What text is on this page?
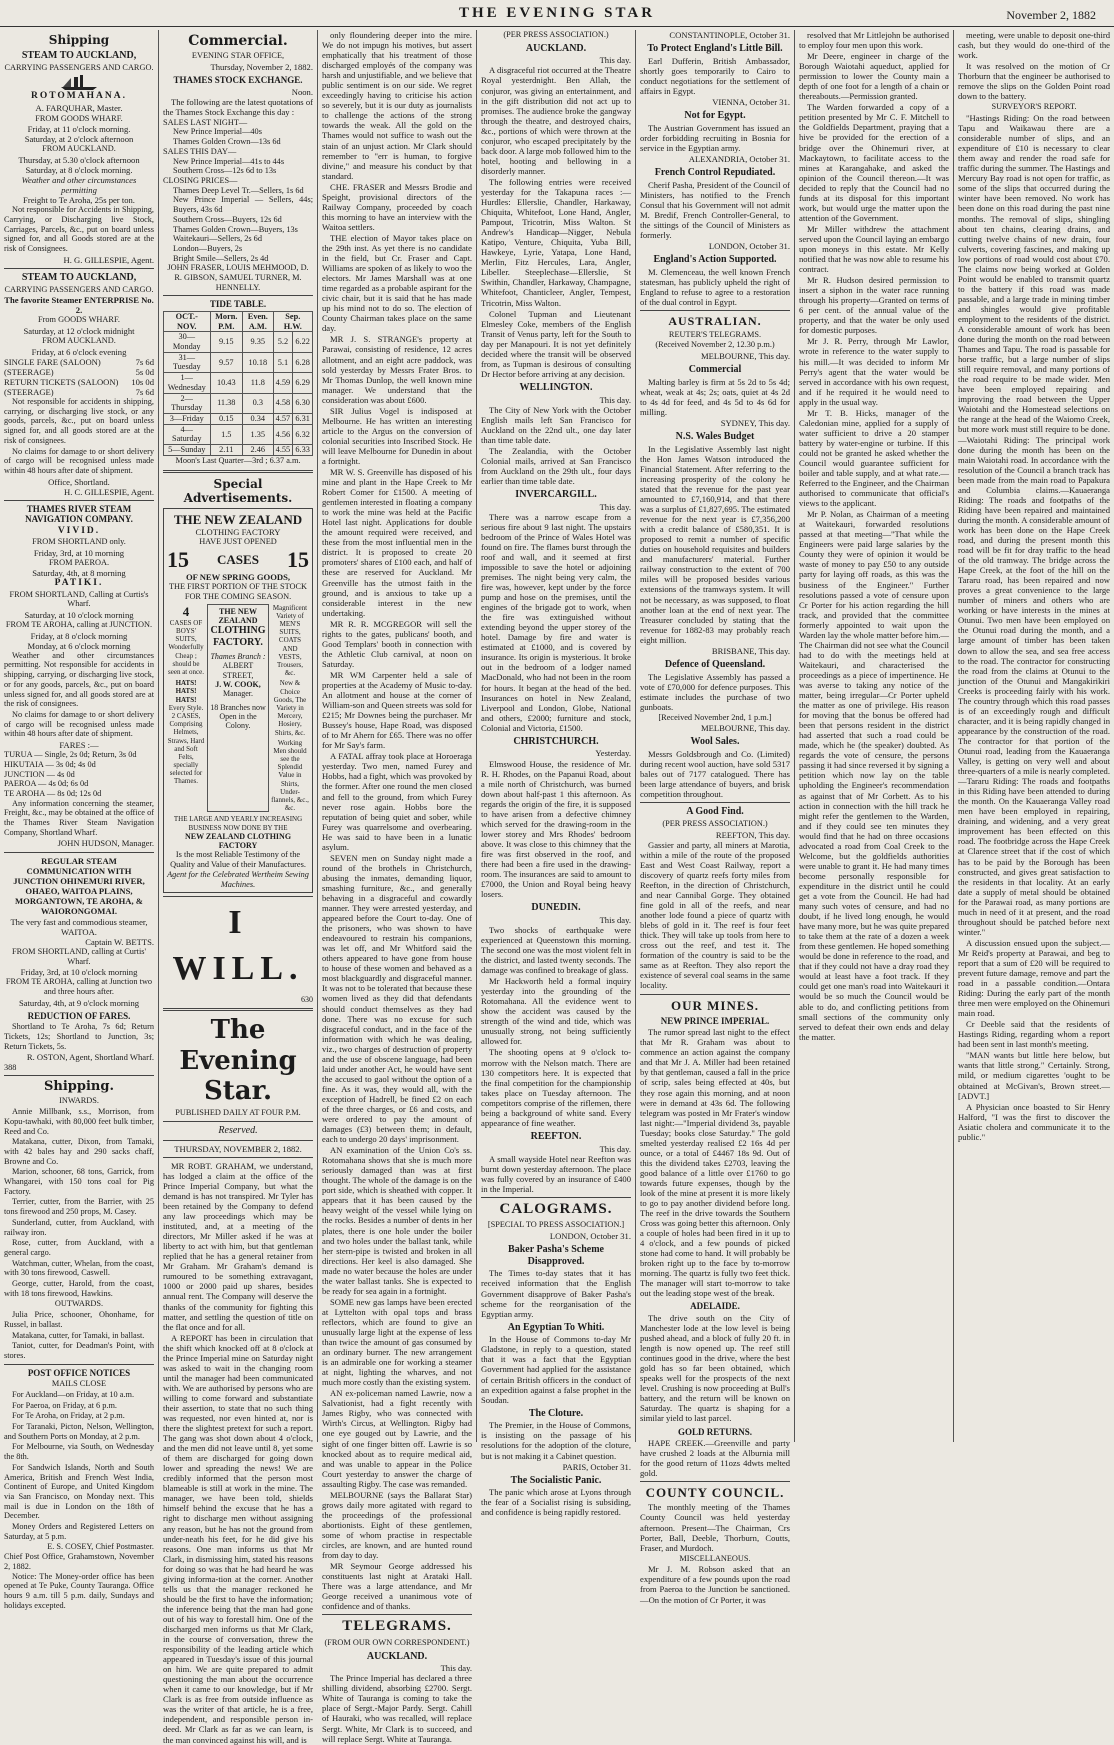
THE EVENING STAR	November 2, 1882
Shipping
STEAM TO AUCKLAND,
CARRYING PASSENGERS AND CARGO.
ROTOMAHANA.
A. FARQUHAR, Master.
FROM GOODS WHARF.
Friday, at 11 o'clock morning.
Saturday, at 2 o'clock afternoon
FROM AUCKLAND.
Thursday, at 5.30 o'clock afternoon
Saturday, at 8 o'clock morning.
Weather and other circumstances permitting
Freight to Te Aroha, 25s per ton.

Not responsible for Accidents in Shipping, Carrying, or Discharging live Stock, Carriages, Parcels, &c., put on board unless signed for, and all Goods stored are at the risk of Consignees.

H. G. GILLESPIE, Agent.
STEAM TO AUCKLAND,
CARRYING PASSENGERS AND CARGO.
The favorite Steamer ENTERPRISE No. 2.
From GOODS WHARF.
Saturday, at 12 o'clock midnight
FROM AUCKLAND.
Friday, at 6 o'clock evening
SINGLE FARE (SALOON)	7s 6d
(STEERAGE)	5s 0d
RETURN TICKETS (SALOON) 10s 0d
(STEERAGE)	7s 6d

Not responsible for accidents in shipping, carrying, or discharging live stock, or any goods, parcels, &c., put on board unless signed for, and all goods stored are at the risk of consignees.

No claims for damage to or short delivery of cargo will be recognised unless made within 48 hours after date of shipment.

Office, Shortland.
H. C. GILLESPIE, Agent.
THAMES RIVER STEAM NAVIGATION COMPANY.
VIVID.
FROM SHORTLAND only.
Friday, 3rd, at 10 morning
FROM PAEROA.
Saturday, 4th, at 8 morning
PATIKI.
FROM SHORTLAND, Calling at Curtis's Wharf.
Saturday, at 10 o'clock morning
FROM TE AROHA, calling at JUNCTION.
Friday, at 8 o'clock morning
Monday, at 6 o'clock morning

Weather and other circumstances permitting. Not responsible for accidents in shipping, carrying, or discharging live stock, or for any goods, parcels, &c., put on board unless signed for, and all goods stored are at the risk of consignees.

No claims for damage to or short delivery of cargo will be recognised unless made within 48 hours after date of shipment.

FARES :—
TURUA — Single, 2s 0d; Return, 3s 0d
HIKUTAIA — 3s 0d; 4s 0d
JUNCTION — 4s 0d
PAEROA — 4s 0d; 6s 0d
TE AROHA — 8s 0d; 12s 0d

Any information concerning the steamer, Freight, &c., may be obtained at the office of the Thames River Steam Navigation Company, Shortland Wharf.

JOHN HUDSON, Manager.
REGULAR STEAM COMMUNICATION WITH JUNCTION OHINEMURI RIVER, OHAEO, WAITOA PLAINS, MORGANTOWN, TE AROHA, & WAIORONGOMAI.
The very fast and commodious steamer, WAITOA.
Captain W. BETTS.
FROM SHORTLAND, calling at Curtis' Wharf.
Friday, 3rd, at 10 o'clock morning
FROM TE AROHA, calling at Junction two and three hours after.
Saturday, 4th, at 9 o'clock morning
REDUCTION OF FARES.

Shortland to Te Aroha, 7s 6d; Return Tickets, 12s; Shortland to Junction, 3s; Return Tickets, 5s.

R. OSTON, Agent, Shortland Wharf.
388
Shipping.
INWARDS.

Annie Millbank, s.s., Morrison, from Kopu-tawhaki, with 80,000 feet bulk timber, Reed and Co.

Matakana, cutter, Dixon, from Tamaki, with 42 bales hay and 290 sacks chaff, Browne and Co.

Marion, schooner, 68 tons, Garrick, from Whangarei, with 150 tons coal for Pig Factory.

Terrier, cutter, from the Barrier, with 25 tons firewood and 250 props, M. Casey.

Sunderland, cutter, from Auckland, with railway iron.

Rose, cutter, from Auckland, with a general cargo.

Watchman, cutter, Whelan, from the coast, with 30 tons firewood, Caswell.

George, cutter, Harold, from the coast, with 18 tons firewood, Hawkins.

OUTWARDS.

Julia Price, schooner, Ohonhame, for Russel, in ballast.

Matakana, cutter, for Tamaki, in ballast.

Taniot, cutter, for Deadman's Point, with stores.

POST OFFICE NOTICES
MAILS CLOSE

For Auckland—on Friday, at 10 a.m.

For Paeroa, on Friday, at 6 p.m.

For Te Aroha, on Friday, at 2 p.m.

For Taranaki, Picton, Nelson, Wellington, and Southern Ports on Monday, at 2 p.m.

For Melbourne, via South, on Wednesday the 8th.

For Sandwich Islands, North and South America, British and French West India, Continent of Europe, and United Kingdom via San Francisco, on Monday next. This mail is due in London on the 18th of December.

Money Orders and Registered Letters on Saturday, at 5 p.m.

E. S. COSEY, Chief Postmaster.
Chief Post Office, Grahamstown, November 2, 1882.

Notice: The Money-order office has been opened at Te Puke, County Tauranga. Office hours 9 a.m. till 5 p.m. daily, Sundays and holidays excepted.

Commercial.
EVENING STAR OFFICE,
Thursday, November 2, 1882.
THAMES STOCK EXCHANGE.
Noon.

The following are the latest quotations of the Thames Stock Exchange this day :

SALES LAST NIGHT—
New Prince Imperial—40s
Thames Golden Crown—13s 6d
SALES THIS DAY—
New Prince Imperial—41s to 44s
Southern Cross—12s 6d to 13s
CLOSING PRICES—
Thames Deep Level Tr.—Sellers, 1s 6d
New Prince Imperial — Sellers, 44s; Buyers, 43s 6d
Southern Cross—Buyers, 12s 6d
Thames Golden Crown—Buyers, 13s
Waitekauri—Sellers, 2s 6d
London—Buyers, 2s
Bright Smile—Sellers, 2s 4d
JOHN FRASER, LOUIS MEHMOOD, D. R. GIBSON, SAMUEL TURNER, M. HENNELLY.
TIDE TABLE.
OCT.-NOV.	Morn. P.M.	Even. A.M.	Sep. H.W.	
30—Monday	9.15	9.35	5.2	6.22
31—Tuesday	9.57	10.18	5.1	6.28
1—Wednesday	10.43	11.8	4.59	6.29
2—Thursday	11.38	0.3	4.58	6.30
3—Friday	0.15	0.34	4.57	6.31
4—Saturday	1.5	1.35	4.56	6.32
5—Sunday	2.11	2.46	4.55	6.33
Moon's Last Quarter—3rd ; 6.37 a.m.
Special Advertisements.
THE NEW ZEALAND
CLOTHING FACTORY
HAVE JUST OPENED
15 CASES 15
OF NEW SPRING GOODS,
THE FIRST PORTION OF THE STOCK FOR THE COMING SEASON.
4
CASES OF BOYS' SUITS,
Wonderfully Cheap ; should be seen at once.
HATS! HATS! HATS!
Every Style. 2 CASES, Comprising Helmets, Straws, Hard and Soft Felts, specially selected for Thames.
THE NEW ZEALAND
CLOTHING
FACTORY.
Thames Branch :
ALBERT STREET,
J. W. COOK,
Manager.
18 Branches now Open in the Colony.
Magnificent Variety of MEN'S SUITS, COATS AND VESTS, Trousers, &c.
New & Choice Goods, The Variety in Mercery, Hosiery, Shirts, &c.
Working Men should see the Splendid Value in Shirts, Under-flannels, &c.,
&c.
THE LARGE AND YEARLY INCREASING BUSINESS NOW DONE BY THE
NEW ZEALAND CLOTHING FACTORY
Is the most Reliable Testimony of the Quality and Value of their Manufactures.
Agent for the Celebrated Wertheim Sewing Machines.
I
WILL.
630
The Evening Star.
PUBLISHED DAILY AT FOUR P.M.
Reserved.
THURSDAY, NOVEMBER 2, 1882.

MR ROBT. GRAHAM, we understand, has lodged a claim at the office of the Prince Imperial Company, but what the demand is has not transpired. Mr Tyler has been retained by the Company to defend any law proceedings which may be instituted, and, at a meeting of the directors, Mr Miller asked if he was at liberty to act with him, but that gentleman replied that he has a general retainer from Mr Graham. Mr Graham's demand is rumoured to be something extravagant, 1000 or 2000 paid up shares, besides annual rent. The Company will deserve the thanks of the community for fighting this matter, and settling the question of title on the flat once and for all.

A REPORT has been in circulation that the shift which knocked off at 8 o'clock at the Prince Imperial mine on Saturday night was asked to wait in the changing room until the manager had been communicated with. We are authorised by persons who are willing to come forward and substantiate their assertion, to state that no such thing was requested, nor even hinted at, nor is there the slightest pretext for such a report. The gang was shot down about 4 o'clock, and the men did not leave until 8, yet some of them are discharged for going down lower and spreading the news! We are credibly informed that the person most blameable is still at work in the mine. The manager, we have been told, shields himself behind the excuse that he has a right to discharge men without assigning any reason, but he has not the ground from under-neath his feet, for he did give his reasons. One man informs us that Mr Clark, in dismissing him, stated his reasons for doing so was that he had heard he was giving informa-tion at the corner. Another tells us that the manager reckoned he should be the first to have the information; the inference being that the man had gone out of his way to forestall him. One of the discharged men informs us that Mr Clark, in the course of conversation, threw the responsibility of the leading article which appeared in Tuesday's issue of this journal on him. We are quite prepared to admit questioning the man about the occurrence when it came to our knowledge, but if Mr Clark is as free from outside influence as was the writer of that article, he is a free, independent, and responsible person in-deed. Mr Clark as far as we can learn, is the man convinced against his will, and is

only floundering deeper into the mire. We do not impugn his motives, but assert emphatically that his treatment of those discharged employés of the company was harsh and unjustifiable, and we believe that public sentiment is on our side. We regret exceedingly having to criticise his action so severely, but it is our duty as journalists to challenge the actions of the strong towards the weak. All the gold on the Thames would not suffice to wash out the stain of an unjust action. Mr Clark should remember to "err is human, to forgive divine," and measure his conduct by that standard.

CHE. FRASER and Messrs Brodie and Speight, provisional directors of the Railway Company, proceeded by coach this morning to have an interview with the Waitoa settlers.

THE election of Mayor takes place on the 29th inst. As yet there is no candidate in the field, but Cr. Fraser and Capt. Williams are spoken of as likely to woo the electors. Mr James Marshall was at one time regarded as a probable aspirant for the civic chair, but it is said that he has made up his mind not to do so. The election of County Chairman takes place on the same day.

MR J. S. STRANGE's property at Parawai, consisting of residence, 12 acres allotment, and an eight acre paddock, was sold yesterday by Messrs Frater Bros. to Mr Thomas Dunlop, the well known mine manager. We understand that the consideration was about £600.

SIR Julius Vogel is indisposed at Melbourne. He has written an interesting article to the Argus on the conversion of colonial securities into Inscribed Stock. He will leave Melbourne for Dunedin in about a fortnight.

MR W. S. Greenville has disposed of his mine and plant in the Hape Creek to Mr Robert Comer for £1500. A meeting of gentlemen interested in floating a company to work the mine was held at the Pacific Hotel last night. Applications for double the amount required were received, and these from the most influential men in the district. It is proposed to create 20 promoters' shares of £100 each, and half of these are reserved for Auckland. Mr Greenville has the utmost faith in the ground, and is anxious to take up a considerable interest in the new undertaking.

MR R. R. MCGREGOR will sell the rights to the gates, publicans' booth, and Good Templars' booth in connection with the Athletic Club carnival, at noon on Saturday.

MR WM Carpenter held a sale of properties at the Academy of Music to-day. An allotment and house at the corner of William-son and Queen streets was sold for £215; Mr Downes being the purchaser. Mr Bussey's house, Hape Road, was disposed of to Mr Ahern for £65. There was no offer for Mr Say's farm.

A FATAL affray took place at Horoeraga yesterday. Two men, named Furey and Hobbs, had a fight, which was provoked by the former. After one round the men closed and fell to the ground, from which Furey never rose again. Hobbs bore the reputation of being quiet and sober, while Furey was quarrelsome and overbearing. He was said to have been in a lunatic asylum.

SEVEN men on Sunday night made a round of the brothels in Christchurch, abusing the inmates, demanding liquor, smashing furniture, &c., and generally behaving in a disgraceful and cowardly manner. They were arrested yesterday, and appeared before the Court to-day. One of the prisoners, who was shown to have endeavoured to restrain his companions, was let off, and Mr Whitford said the others appeared to have gone from house to house of these women and behaved as a most blackguardly and disgraceful manner. It was not to be tolerated that because these women lived as they did that defendants should conduct themselves as they had done. There was no excuse for such disgraceful conduct, and in the face of the information with which he was dealing, viz., two charges of destruction of property and the use of obscene language, had been laid under another Act, he would have sent the accused to gaol without the option of a fine. As it was, they would all, with the exception of Hadrell, be fined £2 on each of the three charges, or £6 and costs, and were ordered to pay the amount of damages (£3) between them; in default, each to undergo 20 days' imprisonment.

AN examination of the Union Co's ss. Rotomahana shows that she is much more seriously damaged than was at first thought. The whole of the damage is on the port side, which is sheathed with copper. It appears that it has been caused by the heavy weight of the vessel while lying on the rocks. Besides a number of dents in her plates, there is one hole under the boiler and two holes under the ballast tank, while her stern-pipe is twisted and broken in all directions. Her keel is also damaged. She made no water because the holes are under the water ballast tanks. She is expected to be ready for sea again in a fortnight.

SOME new gas lamps have been erected at Lyttelton with opal tops and brass reflectors, which are found to give an unusually large light at the expense of less than twice the amount of gas consumed by an ordinary burner. The new arrangement is an admirable one for working a steamer at night, lighting the wharves, and not much more costly than the existing system.

AN ex-policeman named Lawrie, now a Salvationist, had a fight recently with James Rigby, who was connected with Wirth's Circus, at Wellington. Rigby had one eye gouged out by Lawrie, and the sight of one finger bitten off. Lawrie is so knocked about as to require medical aid, and was unable to appear in the Police Court yesterday to answer the charge of assaulting Rigby. The case was remanded.

MELBOURNE (says the Ballarat Star) grows daily more agitated with regard to the proceedings of the professional abortionists. Eight of these gentlemen, some of whom practise in respectable circles, are known, and are hunted round from day to day.

MR Seymour George addressed his constituents last night at Arataki Hall. There was a large attendance, and Mr George received a unanimous vote of confidence and of thanks.

TELEGRAMS.
(FROM OUR OWN CORRESPONDENT.)
AUCKLAND.
This day.

The Prince Imperial has declared a three shilling dividend, absorbing £2700. Sergt. White of Tauranga is coming to take the place of Sergt.-Major Pardy. Sergt. Cahill of Hauraki, who was recalled, will replace Sergt. White, Mr Clark is to succeed, and will replace Sergt. White at Tauranga.

(PER PRESS ASSOCIATION.)
AUCKLAND.
This day.

A disgraceful riot occurred at the Theatre Royal yesterdnight. Ben Allah, the conjuror, was giving an entertainment, and in the gift distribution did not act up to promises. The audience broke the gangway through the theatre, and destroyed chairs, &c., portions of which were thrown at the conjuror, who escaped precipitately by the back door. A large mob followed him to the hotel, hooting and bellowing in a disorderly manner.

The following entries were received yesterday for the Takapuna races :—Hurdles: Ellerslie, Chandler, Harkaway, Chiquita, Whitefoot, Lone Hand, Angler, Pampout, Tricotrin, Miss Walton. St Andrew's Handicap—Nigger, Nebula Katipo, Venture, Chiquita, Yuba Bill, Hawkeye, Lyrie, Yatapa, Lone Hand, Merlin, Fitz Hercules, Lara, Angler, Libeller. Steeplechase—Ellerslie, St Swithin, Chandler, Harkaway, Champagne, Whitefoot, Chanticleer, Angler, Tempest, Tricotrin, Miss Walton.

Colonel Tupman and Lieutenant Elmesley Coke, members of the English Transit of Venus party, left for the South to day per Manapouri. It is not yet definitely decided where the transit will be observed from, as Tupman is desirous of consulting Dr Hector before arriving at any decision.

WELLINGTON.
This day.

The City of New York with the October English mails left San Francisco for Auckland on the 22nd ult., one day later than time table date.

The Zealandia, with the October Colonial mails, arrived at San Francisco from Auckland on the 29th ult., four days earlier than time table date.

INVERCARGILL.
This day.

There was a narrow escape from a serious fire about 9 last night. The upstairs bedroom of the Prince of Wales Hotel was found on fire. The flames burst through the roof and wall, and it seemed at first impossible to save the hotel or adjoining premises. The night being very calm, the fire was, however, kept under by the force pump and hose on the premises, until the engines of the brigade got to work, when the fire was extinguished without extending beyond the upper storey of the hotel. Damage by fire and water is estimated at £1000, and is covered by insurance. Its origin is mysterious. It broke out in the bedroom of a lodger named MacDonald, who had not been in the room for hours. It began at the head of the bed. Insurances on hotel in New Zealand, Liverpool and London, Globe, National and others, £2000; furniture and stock, Colonial and Victoria, £1500.

CHRISTCHURCH.
Yesterday.

Elmswood House, the residence of Mr. R. H. Rhodes, on the Papanui Road, about a mile north of Christchurch, was burned down about half-past 1 this afternoon. As regards the origin of the fire, it is supposed to have arisen from a defective chimney which served for the drawing-room in the lower storey and Mrs Rhodes' bedroom above. It was close to this chimney that the fire was first observed in the roof, and there had been a fire used in the drawing-room. The insurances are said to amount to £7000, the Union and Royal being heavy losers.

DUNEDIN.
This day.

Two shocks of earthquake were experienced at Queenstown this morning. The second one was the most violent felt in the district, and lasted twenty seconds. The damage was confined to breakage of glass.

Mr Hackworth held a formal inquiry yesterday into the grounding of the Rotomahana. All the evidence went to show the accident was caused by the strength of the wind and tide, which was unusually strong, not being sufficiently allowed for.

The shooting opens at 9 o'clock to-morrow with the Nelson match. There are 130 competitors here. It is expected that the final competition for the championship takes place on Tuesday afternoon. The competitors comprise of the riflemen, there being a background of white sand. Every appearance of fine weather.

REEFTON.
This day.

A small wayside Hotel near Reefton was burnt down yesterday afternoon. The place was fully covered by an insurance of £400 in the Imperial.

CALOGRAMS.
[SPECIAL TO PRESS ASSOCIATION.]
LONDON, October 31.
Baker Pasha's Scheme Disapproved.

The Times to-day states that it has received information that the English Government disapprove of Baker Pasha's scheme for the reorganisation of the Egyptian army.

An Egyptian To Whiti.

In the House of Commons to-day Mr Gladstone, in reply to a question, stated that it was a fact that the Egyptian Government had applied for the assistance of certain British officers in the conduct of an expedition against a false prophet in the Soudan.

The Cloture.

The Premier, in the House of Commons, is insisting on the passage of his resolutions for the adoption of the cloture, but is not making it a Cabinet question.

PARIS, October 31.
The Socialistic Panic.

The panic which arose at Lyons through the fear of a Socialist rising is subsiding, and confidence is being rapidly restored.

CONSTANTINOPLE, October 31.
To Protect England's Little Bill.

Earl Dufferin, British Ambassador, shortly goes temporarily to Cairo to conduct negotiations for the settlement of affairs in Egypt.

VIENNA, October 31.
Not for Egypt.

The Austrian Government has issued an order forbidding recruiting in Bosnia for service in the Egyptian army.

ALEXANDRIA, October 31.
French Control Repudiated.

Cherif Pasha, President of the Council of Ministers, has notified to the French Consul that his Government will not admit M. Bredif, French Controller-General, to the sittings of the Council of Ministers as formerly.

LONDON, October 31.
England's Action Supported.

M. Clemenceau, the well known French statesman, has publicly upheld the right of England to refuse to agree to a restoration of the dual control in Egypt.

AUSTRALIAN.
REUTER'S TELEGRAMS.
(Received November 2, 12.30 p.m.)
MELBOURNE, This day.
Commercial

Malting barley is firm at 5s 2d to 5s 4d; wheat, weak at 4s; 2s; oats, quiet at 4s 2d to 4s 4d for feed, and 4s 5d to 4s 6d for milling.

SYDNEY, This day.
N.S. Wales Budget

In the Legislative Assembly last night the Hon James Watson introduced the Financial Statement. After referring to the increasing prosperity of the colony he stated that the revenue for the past year amounted to £7,160,914, and that there was a surplus of £1,827,695. The estimated revenue for the next year is £7,356,200 with a credit balance of £580,351. It is proposed to remit a number of specific duties on household requisites and builders and manufacturers' material. Further railway construction to the extent of 700 miles will be proposed besides various extensions of the tramways system. It will not be necessary, as was supposed, to float another loan at the end of next year. The Treasurer concluded by stating that the revenue for 1882-83 may probably reach eight million.

BRISBANE, This day.
Defence of Queensland.

The Legislative Assembly has passed a vote of £70,000 for defence purposes. This estimate includes the purchase of two gunboats.

[Received November 2nd, 1 p.m.]
MELBOURNE, This day.
Wool Sales.

Messrs Goldsbrough and Co. (Limited) during recent wool auction, have sold 5317 bales out of 7177 catalogued. There has been large attendance of buyers, and brisk competition throughout.

A Good Find.
(PER PRESS ASSOCIATION.)
REEFTON, This day.

Gassier and party, all miners at Marotia, within a mile of the route of the proposed East and West Coast Railway, report a discovery of quartz reefs forty miles from Reefton, in the direction of Christchurch, and near Cannibal Gorge. They obtained fine gold in all of the reefs, and near another lode found a piece of quartz with blebs of gold in it. The reef is four feet thick. They will take up tools from here to cross out the reef, and test it. The formation of the country is said to be the same as at Reefton. They also report the existence of several coal seams in the same locality.

OUR MINES.
NEW PRINCE IMPERIAL.

The rumor spread last night to the effect that Mr R. Graham was about to commence an action against the company and that Mr J. A. Miller had been retained by that gentleman, caused a fall in the price of scrip, sales being effected at 40s, but they rose again this morning, and at noon were in demand at 43s 6d. The following telegram was posted in Mr Frater's window last night:—"Imperial dividend 3s, payable Tuesday; books close Saturday." The gold smelted yesterday realised £2 16s 4d per ounce, or a total of £4467 18s 9d. Out of this the dividend takes £2703, leaving the good balance of a little over £1760 to go towards future expenses, though by the look of the mine at present it is more likely to go to pay another dividend before long. The reef in the drive towards the Southern Cross was going better this afternoon. Only a couple of holes had been fired in it up to 4 o'clock, and a few pounds of picked stone had come to hand. It will probably be broken right up to the face by to-morrow morning. The quartz is fully two feet thick. The manager will start to-morrow to take out the leading stope west of the break.

ADELAIDE.

The drive south on the City of Manchester lode at the low level is being pushed ahead, and a block of fully 20 ft. in length is now opened up. The reef still continues good in the drive, where the best gold has so far been obtained, which speaks well for the prospects of the next level. Crushing is now proceeding at Bull's battery, and the return will be known on Saturday. The quartz is shaping for a similar yield to last parcel.

GOLD RETURNS.

HAPE CREEK.—Greenville and party have crushed 2 loads at the Alburnia mill for the good return of 11ozs 4dwts melted gold.

COUNTY COUNCIL.

The monthly meeting of the Thames County Council was held yesterday afternoon. Present—The Chairman, Crs Porter, Ball, Deeble, Thorburn, Coutts, Fraser, and Murdoch.

MISCELLANEOUS.

Mr J. M. Robson asked that an expenditure of a few pounds upon the road from Paeroa to the Junction be sanctioned.—On the motion of Cr Porter, it was

resolved that Mr Littlejohn be authorised to employ four men upon this work.

Mr Deere, engineer in charge of the Borough Waiotahi aqueduct, applied for permission to lower the County main a depth of one foot for a length of a chain or thereabouts.—Permission granted.

The Warden forwarded a copy of a petition presented by Mr C. F. Mitchell to the Goldfields Department, praying that a hive be provided for the erection of a bridge over the Ohinemuri river, at Mackaytown, to facilitate access to the mines at Karangahake, and asked the opinion of the Council thereon.—It was decided to reply that the Council had no funds at its disposal for this important work, but would urge the matter upon the attention of the Government.

Mr Miller withdrew the attachment served upon the Council laying an embargo upon moneys in this estate. Mr Kelly notified that he was now able to resume his contract.

Mr R. Hudson desired permission to insert a siphon in the water race running through his property—Granted on terms of 6 per cent. of the annual value of the property, and that the water be only used for domestic purposes.

Mr J. R. Perry, through Mr Lawlor, wrote in reference to the water supply to his mill.—It was decided to inform Mr Perry's agent that the water would be served in accordance with his own request, and if he required it he would need to apply in the usual way.

Mr T. B. Hicks, manager of the Caledonian mine, applied for a supply of water sufficient to drive a 20 stamper battery by water-engine or turbine. If this could not be granted he asked whether the Council would guarantee sufficient for boiler and table supply, and at what rate.—Referred to the Engineer, and the Chairman authorised to communicate that official's views to the applicant.

Mr P. Nolan, as Chairman of a meeting at Waitekauri, forwarded resolutions passed at that meeting—"That while the Engineers were paid large salaries by the County they were of opinion it would be waste of money to pay £50 to any outside party for laying off roads, as this was the business of the Engineer." Further resolutions passed a vote of censure upon Cr Porter for his action regarding the hill track, and provided that the committee formerly appointed to wait upon the Warden lay the whole matter before him.—The Chairman did not see what the Council had to do with the meetings held at Waitekauri, and characterised the proceedings as a piece of impertinence. He was averse to taking any notice of the matter, being irregular—Cr Porter upheld the matter as one of privilege. His reason for moving that the bonus be offered had been that persons resident in the district had asserted that such a road could be made, which he (the speaker) doubted. As regards the vote of censure, the persons passing it had since reversed it by signing a petition which now lay on the table upholding the Engineer's recommendation as against that of Mr Corbett. As to his action in connection with the hill track he might refer the gentlemen to the Warden, and if they could see ten minutes they would find that he had on three occasions advocated a road from Coal Creek to the Welcome, but the goldfields authorities were unable to grant it. He had many times become personally responsible for expenditure in the district until he could get a vote from the Council. He had had many such votes of censure, and had no doubt, if he lived long enough, he would have many more, but he was quite prepared to take them at the rate of a dozen a week from these gentlemen. He hoped something would be done in reference to the road, and that if they could not have a dray road they would at least have a foot track. If they could get one man's road into Waitekauri it would be so much the Council would be able to do, and conflicting petitions from small sections of the community only served to defeat their own ends and delay the matter.

meeting, were unable to deposit one-third cash, but they would do one-third of the work.

It was resolved on the motion of Cr Thorburn that the engineer be authorised to remove the slips on the Golden Point road down to the battery.

SURVEYOR'S REPORT.

"Hastings Riding: On the road between Tapu and Waikawau there are a considerable number of slips, and an expenditure of £10 is necessary to clear them away and render the road safe for traffic during the summer. The Hastings and Mercury Bay road is not open for traffic, as some of the slips that occurred during the winter have been removed. No work has been done on this road during the past nine months. The removal of slips, shingling about ten chains, clearing drains, and cutting twelve chains of new drain, four culverts, covering fascines, and making up low portions of road would cost about £70. The claims now being worked at Golden Point would be enabled to transmit quartz to the battery if this road was made passable, and a large trade in mining timber and shingles would give profitable employment to the residents of the district. A considerable amount of work has been done during the month on the road between Thames and Tapu. The road is passable for horse traffic, but a large number of slips still require removal, and many portions of the road require to be made wider. Men have been employed repairing and improving the road between the Upper Waiotahi and the Homestead selections on the range at the head of the Waiomo Creek, but more work must still require to be done.—Waiotahi Riding: The principal work done during the month has been on the main Waiotahi road. In accordance with the resolution of the Council a branch track has been made from the main road to Papakura and Columbia claims.—Kauaeranga Riding: The roads and footpaths of the Riding have been repaired and maintained during the month. A considerable amount of work has been done on the Hape Creek road, and during the present month this road will be fit for dray traffic to the head of the old tramway. The bridge across the Hape Creek, at the foot of the hill on the Tararu road, has been repaired and now proves a great convenience to the large number of miners and others who are working or have interests in the mines at Otunui. Two men have been employed on the Otunui road during the month, and a large amount of timber has been taken down to allow the sea, and sea free access to the road. The contractor for constructing the road from the claims at Otunui to the junction of the Otunui and Mangakirikiri Creeks is proceeding fairly with his work. The country through which this road passes is of an exceedingly rough and difficult character, and it is being rapidly changed in appearance by the construction of the road. The contractor for that portion of the Otunui road, leading from the Kauaeranga Valley, is getting on very well and about three-quarters of a mile is nearly completed.—Tararu Riding: The roads and footpaths in this Riding have been attended to during the month. On the Kauaeranga Valley road men have been employed in repairing, draining, and widening, and a very great improvement has been effected on this road. The footbridge across the Hape Creek at Clarence street that if the cost of which has to be paid by the Borough has been constructed, and gives great satisfaction to the residents in that locality. At an early date a supply of metal should be obtained for the Parawai road, as many portions are much in need of it at present, and the road throughout should be patched before next winter."

A discussion ensued upon the subject.—Mr Reid's property at Parawai, and beg to report that a sum of £20 will be required to prevent future damage, remove and part the road in a passable condition.—Ontara Riding: During the early part of the month three men were employed on the Ohinemuri main road.

Cr Deeble said that the residents of Hastings Riding, regarding whom a report had been sent in last month's meeting.

"MAN wants but little here below, but wants that little strong." Certainly. Strong, mild, or medium cigarettes 'ought to be obtained at McGivan's, Brown street.—[ADVT.]

A Physician once boasted to Sir Henry Halford, "I was the first to discover the Asiatic cholera and communicate it to the public."
